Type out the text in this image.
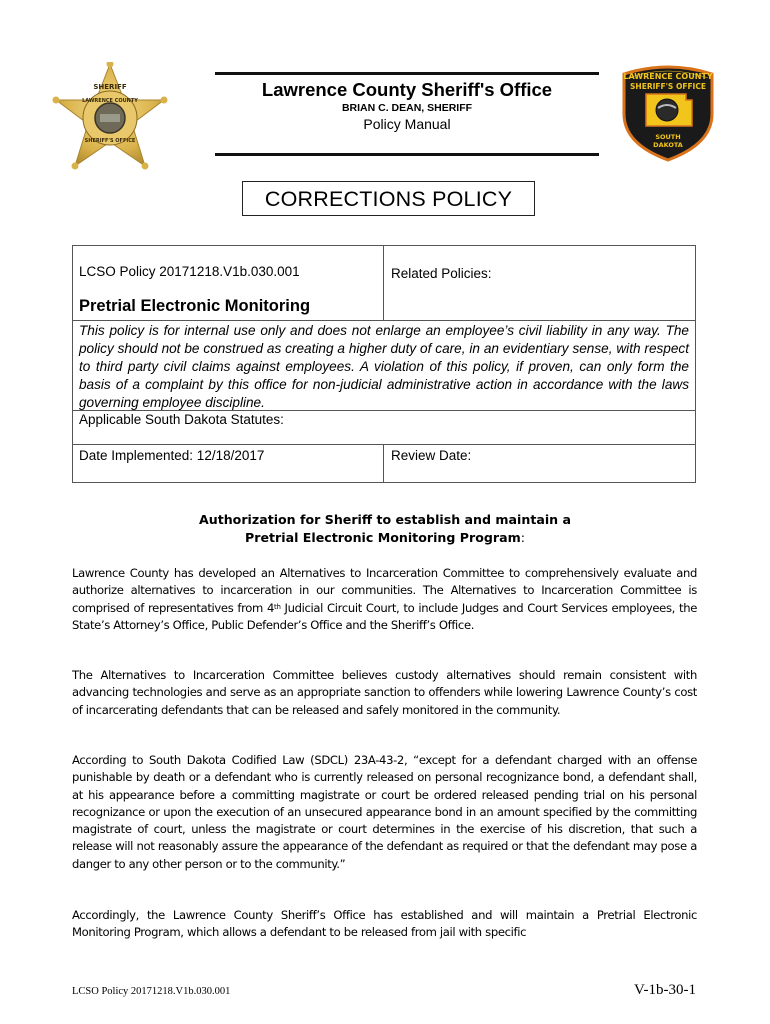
SHERIFF
LAWRENCE COUNTY
SHERIFF'S OFFICE
LAWRENCE COUNTY
SHERIFF'S OFFICE
SOUTH
DAKOTA
Lawrence County Sheriff's Office
BRIAN C. DEAN, SHERIFF
Policy Manual
CORRECTIONS POLICY
LCSO Policy 20171218.V1b.030.001
Pretrial Electronic Monitoring
Related Policies:
This policy is for internal use only and does not enlarge an employee’s civil liability in any way. The policy should not be construed as creating a higher duty of care, in an evidentiary sense, with respect to third party civil claims against employees. A violation of this policy, if proven, can only form the basis of a complaint by this office for non-judicial administrative action in accordance with the laws governing employee discipline.
Applicable South Dakota Statutes:
Date Implemented: 12/18/2017	Review Date:
Authorization for Sheriff to establish and maintain a
Pretrial Electronic Monitoring Program:
Lawrence County has developed an Alternatives to Incarceration Committee to comprehensively evaluate and authorize alternatives to incarceration in our communities. The Alternatives to Incarceration Committee is comprised of representatives from 4th Judicial Circuit Court, to include Judges and Court Services employees, the State’s Attorney’s Office, Public Defender’s Office and the Sheriff’s Office.
The Alternatives to Incarceration Committee believes custody alternatives should remain consistent with advancing technologies and serve as an appropriate sanction to offenders while lowering Lawrence County’s cost of incarcerating defendants that can be released and safely monitored in the community.
According to South Dakota Codified Law (SDCL) 23A-43-2, “except for a defendant charged with an offense punishable by death or a defendant who is currently released on personal recognizance bond, a defendant shall, at his appearance before a committing magistrate or court be ordered released pending trial on his personal recognizance or upon the execution of an unsecured appearance bond in an amount specified by the committing magistrate of court, unless the magistrate or court determines in the exercise of his discretion, that such a release will not reasonably assure the appearance of the defendant as required or that the defendant may pose a danger to any other person or to the community.”
Accordingly, the Lawrence County Sheriff’s Office has established and will maintain a Pretrial Electronic Monitoring Program, which allows a defendant to be released from jail with specific
LCSO Policy 20171218.V1b.030.001	V-1b-30-1
